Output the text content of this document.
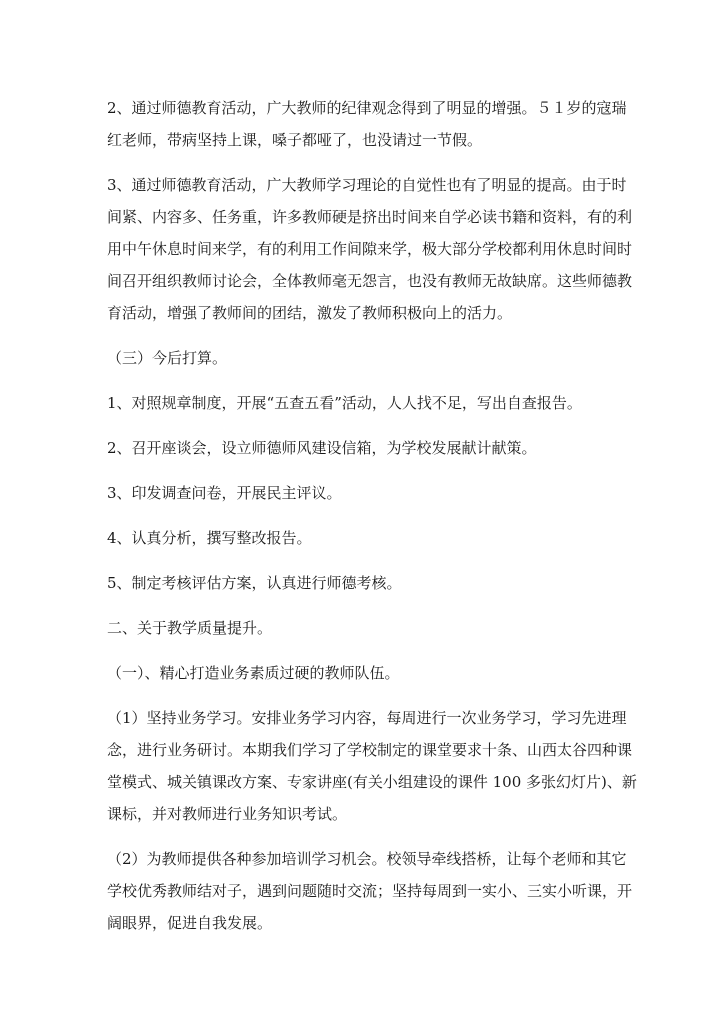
2、通过师德教育活动，广大教师的纪律观念得到了明显的增强。５１岁的寇瑞
红老师，带病坚持上课，嗓子都哑了，也没请过一节假。

3、通过师德教育活动，广大教师学习理论的自觉性也有了明显的提高。由于时
间紧、内容多、任务重，许多教师硬是挤出时间来自学必读书籍和资料，有的利
用中午休息时间来学，有的利用工作间隙来学，极大部分学校都利用休息时间时
间召开组织教师讨论会，全体教师毫无怨言，也没有教师无故缺席。这些师德教
育活动，增强了教师间的团结，激发了教师积极向上的活力。

（三）今后打算。

1、对照规章制度，开展“五查五看”活动，人人找不足，写出自查报告。

2、召开座谈会，设立师德师风建设信箱，为学校发展献计献策。

3、印发调查问卷，开展民主评议。

4、认真分析，撰写整改报告。

5、制定考核评估方案，认真进行师德考核。

二、关于教学质量提升。

（一）、精心打造业务素质过硬的教师队伍。

（1）坚持业务学习。安排业务学习内容，每周进行一次业务学习，学习先进理
念，进行业务研讨。本期我们学习了学校制定的课堂要求十条、山西太谷四种课
堂模式、城关镇课改方案、专家讲座(有关小组建设的课件 100 多张幻灯片)、新
课标，并对教师进行业务知识考试。

（2）为教师提供各种参加培训学习机会。校领导牵线搭桥，让每个老师和其它
学校优秀教师结对子，遇到问题随时交流；坚持每周到一实小、三实小听课，开
阔眼界，促进自我发展。
